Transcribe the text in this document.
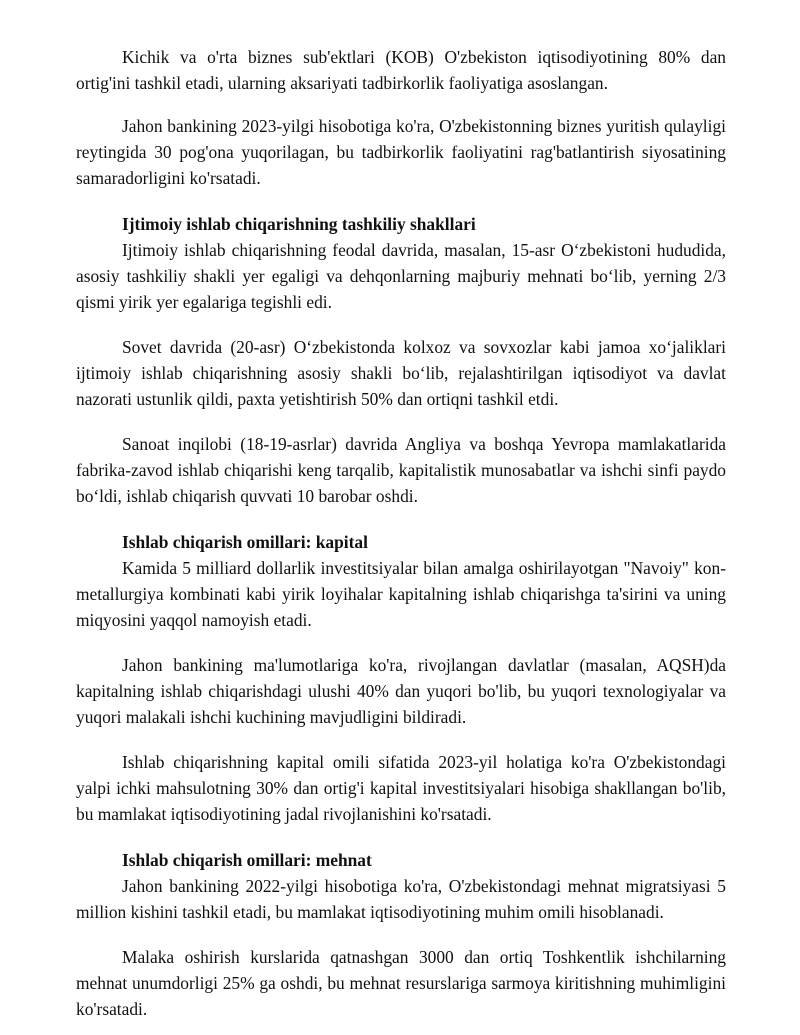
Kichik va o'rta biznes sub'ektlari (KOB) O'zbekiston iqtisodiyotining 80% dan ortig'ini tashkil etadi, ularning aksariyati tadbirkorlik faoliyatiga asoslangan.

Jahon bankining 2023-yilgi hisobotiga ko'ra, O'zbekistonning biznes yuritish qulayligi reytingida 30 pog'ona yuqorilagan, bu tadbirkorlik faoliyatini rag'batlantirish siyosatining samaradorligini ko'rsatadi.

Ijtimoiy ishlab chiqarishning tashkiliy shakllari

Ijtimoiy ishlab chiqarishning feodal davrida, masalan, 15-asr O‘zbekistoni hududida, asosiy tashkiliy shakli yer egaligi va dehqonlarning majburiy mehnati bo‘lib, yerning 2/3 qismi yirik yer egalariga tegishli edi.

Sovet davrida (20-asr) O‘zbekistonda kolxoz va sovxozlar kabi jamoa xo‘jaliklari ijtimoiy ishlab chiqarishning asosiy shakli bo‘lib, rejalashtirilgan iqtisodiyot va davlat nazorati ustunlik qildi, paxta yetishtirish 50% dan ortiqni tashkil etdi.

Sanoat inqilobi (18-19-asrlar) davrida Angliya va boshqa Yevropa mamlakatlarida fabrika-zavod ishlab chiqarishi keng tarqalib, kapitalistik munosabatlar va ishchi sinfi paydo bo‘ldi, ishlab chiqarish quvvati 10 barobar oshdi.

Ishlab chiqarish omillari: kapital

Kamida 5 milliard dollarlik investitsiyalar bilan amalga oshirilayotgan "Navoiy" kon-metallurgiya kombinati kabi yirik loyihalar kapitalning ishlab chiqarishga ta'sirini va uning miqyosini yaqqol namoyish etadi.

Jahon bankining ma'lumotlariga ko'ra, rivojlangan davlatlar (masalan, AQSH)da kapitalning ishlab chiqarishdagi ulushi 40% dan yuqori bo'lib, bu yuqori texnologiyalar va yuqori malakali ishchi kuchining mavjudligini bildiradi.

Ishlab chiqarishning kapital omili sifatida 2023-yil holatiga ko'ra O'zbekistondagi yalpi ichki mahsulotning 30% dan ortig'i kapital investitsiyalari hisobiga shakllangan bo'lib, bu mamlakat iqtisodiyotining jadal rivojlanishini ko'rsatadi.

Ishlab chiqarish omillari: mehnat

Jahon bankining 2022-yilgi hisobotiga ko'ra, O'zbekistondagi mehnat migratsiyasi 5 million kishini tashkil etadi, bu mamlakat iqtisodiyotining muhim omili hisoblanadi.

Malaka oshirish kurslarida qatnashgan 3000 dan ortiq Toshkentlik ishchilarning mehnat unumdorligi 25% ga oshdi, bu mehnat resurslariga sarmoya kiritishning muhimligini ko'rsatadi.
